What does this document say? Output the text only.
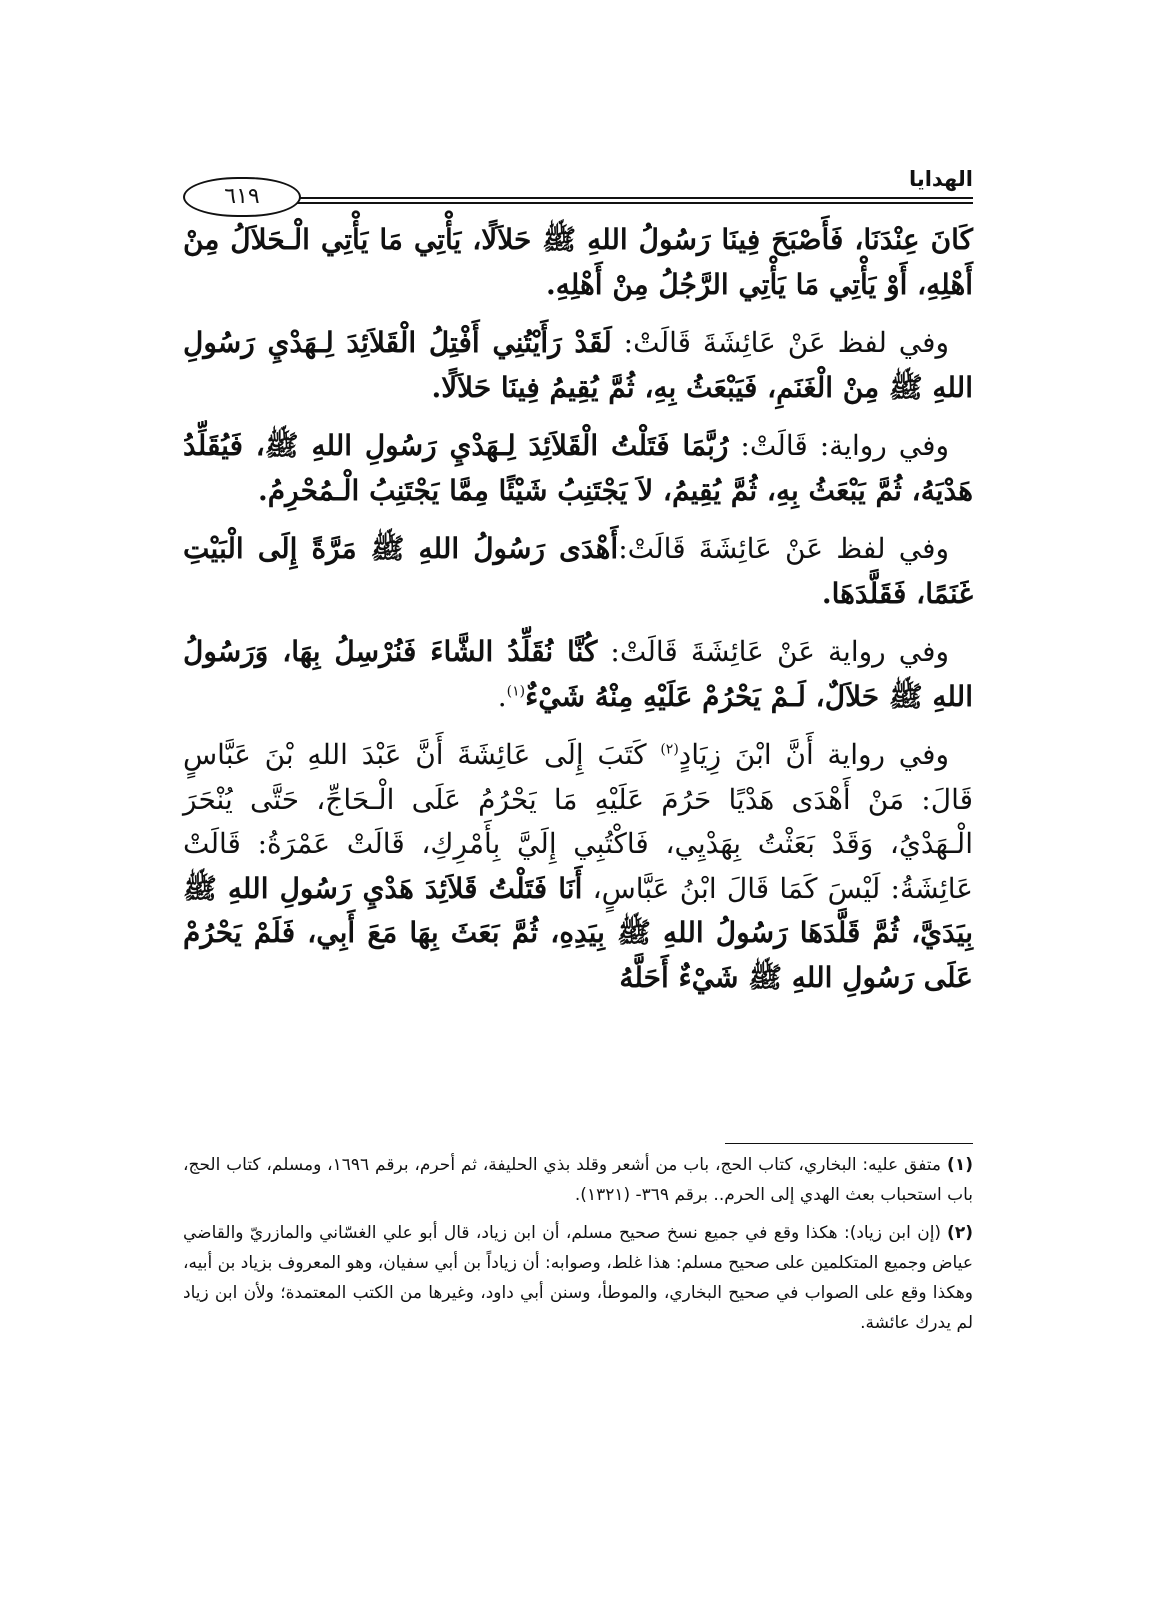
الهدايا
٦١٩

كَانَ عِنْدَنَا، فَأَصْبَحَ فِينَا رَسُولُ اللهِ ﷺ حَلاَلًا، يَأْتِي مَا يَأْتِي الْـحَلاَلُ مِنْ أَهْلِهِ، أَوْ يَأْتِي مَا يَأْتِي الرَّجُلُ مِنْ أَهْلِهِ.

وفي لفظ عَنْ عَائِشَةَ قَالَتْ: لَقَدْ رَأَيْتُنِي أَفْتِلُ الْقَلاَئِدَ لِـهَدْيِ رَسُولِ اللهِ ﷺ مِنْ الْغَنَمِ، فَيَبْعَثُ بِهِ، ثُمَّ يُقِيمُ فِينَا حَلاَلًا.

وفي رواية: قَالَتْ: رُبَّمَا فَتَلْتُ الْقَلاَئِدَ لِـهَدْيِ رَسُولِ اللهِ ﷺ، فَيُقَلِّدُ هَدْيَهُ، ثُمَّ يَبْعَثُ بِهِ، ثُمَّ يُقِيمُ، لاَ يَجْتَنِبُ شَيْئًا مِمَّا يَجْتَنِبُ الْـمُحْرِمُ.

وفي لفظ عَنْ عَائِشَةَ قَالَتْ:أَهْدَى رَسُولُ اللهِ ﷺ مَرَّةً إِلَى الْبَيْتِ غَنَمًا، فَقَلَّدَهَا.

وفي رواية عَنْ عَائِشَةَ قَالَتْ: كُنَّا نُقَلِّدُ الشَّاءَ فَنُرْسِلُ بِهَا، وَرَسُولُ اللهِ ﷺ حَلاَلٌ، لَـمْ يَحْرُمْ عَلَيْهِ مِنْهُ شَيْءٌ$^{(١)}$.

وفي رواية أَنَّ ابْنَ زِيَادٍ$^{(٢)}$ كَتَبَ إِلَى عَائِشَةَ أَنَّ عَبْدَ اللهِ بْنَ عَبَّاسٍ قَالَ: مَنْ أَهْدَى هَدْيًا حَرُمَ عَلَيْهِ مَا يَحْرُمُ عَلَى الْـحَاجِّ، حَتَّى يُنْحَرَ الْـهَدْيُ، وَقَدْ بَعَثْتُ بِهَدْيِي، فَاكْتُبِي إِلَيَّ بِأَمْرِكِ، قَالَتْ عَمْرَةُ: قَالَتْ عَائِشَةُ: لَيْسَ كَمَا قَالَ ابْنُ عَبَّاسٍ، أَنَا فَتَلْتُ قَلاَئِدَ هَدْيِ رَسُولِ اللهِ ﷺ بِيَدَيَّ، ثُمَّ قَلَّدَهَا رَسُولُ اللهِ ﷺ بِيَدِهِ، ثُمَّ بَعَثَ بِهَا مَعَ أَبِي، فَلَمْ يَحْرُمْ عَلَى رَسُولِ اللهِ ﷺ شَيْءٌ أَحَلَّهُ

(١)متفق عليه: البخاري، كتاب الحج، باب من أشعر وقلد بذي الحليفة، ثم أحرم، برقم ١٦٩٦، ومسلم، كتاب الحج، باب استحباب بعث الهدي إلى الحرم.. برقم ٣٦٩- (١٣٢١).

(٢)(إن ابن زياد): هكذا وقع في جميع نسخ صحيح مسلم، أن ابن زياد، قال أبو علي الغسّاني والمازريّ والقاضي عياض وجميع المتكلمين على صحيح مسلم: هذا غلط، وصوابه: أن زياداً بن أبي سفيان، وهو المعروف بزياد بن أبيه، وهكذا وقع على الصواب في صحيح البخاري، والموطأ، وسنن أبي داود، وغيرها من الكتب المعتمدة؛ ولأن ابن زياد لم يدرك عائشة.
